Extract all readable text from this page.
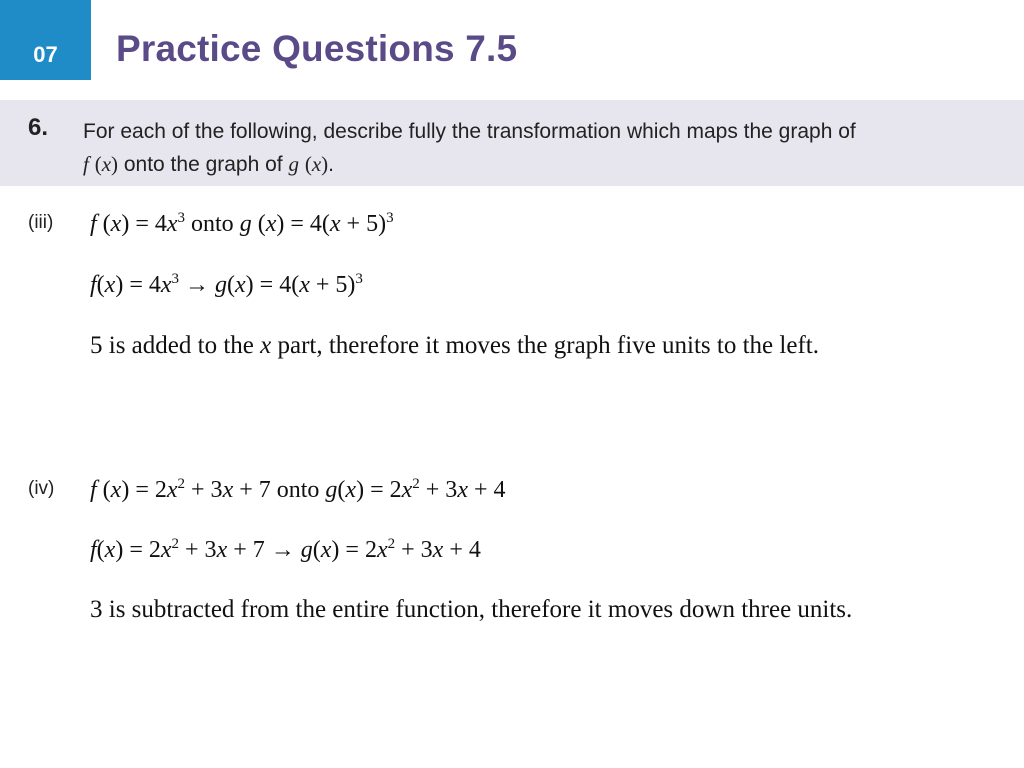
07 Practice Questions 7.5
6. For each of the following, describe fully the transformation which maps the graph of
f (x) onto the graph of g (x).
(iii) f $(x) = 4x^3$ onto g $(x) = 4(x + 5)^3$
$f(x) = 4x^3 \to g(x) = 4(x + 5)^3$
5 is added to the x part, therefore it moves the graph five units to the left.
(iv) f $(x) = 2x^2 + 3x + 7$ onto $g(x) = 2x^2 + 3x + 4$
$f(x) = 2x^2 + 3x + 7 \to g(x) = 2x^2 + 3x + 4$
3 is subtracted from the entire function, therefore it moves down three units.
